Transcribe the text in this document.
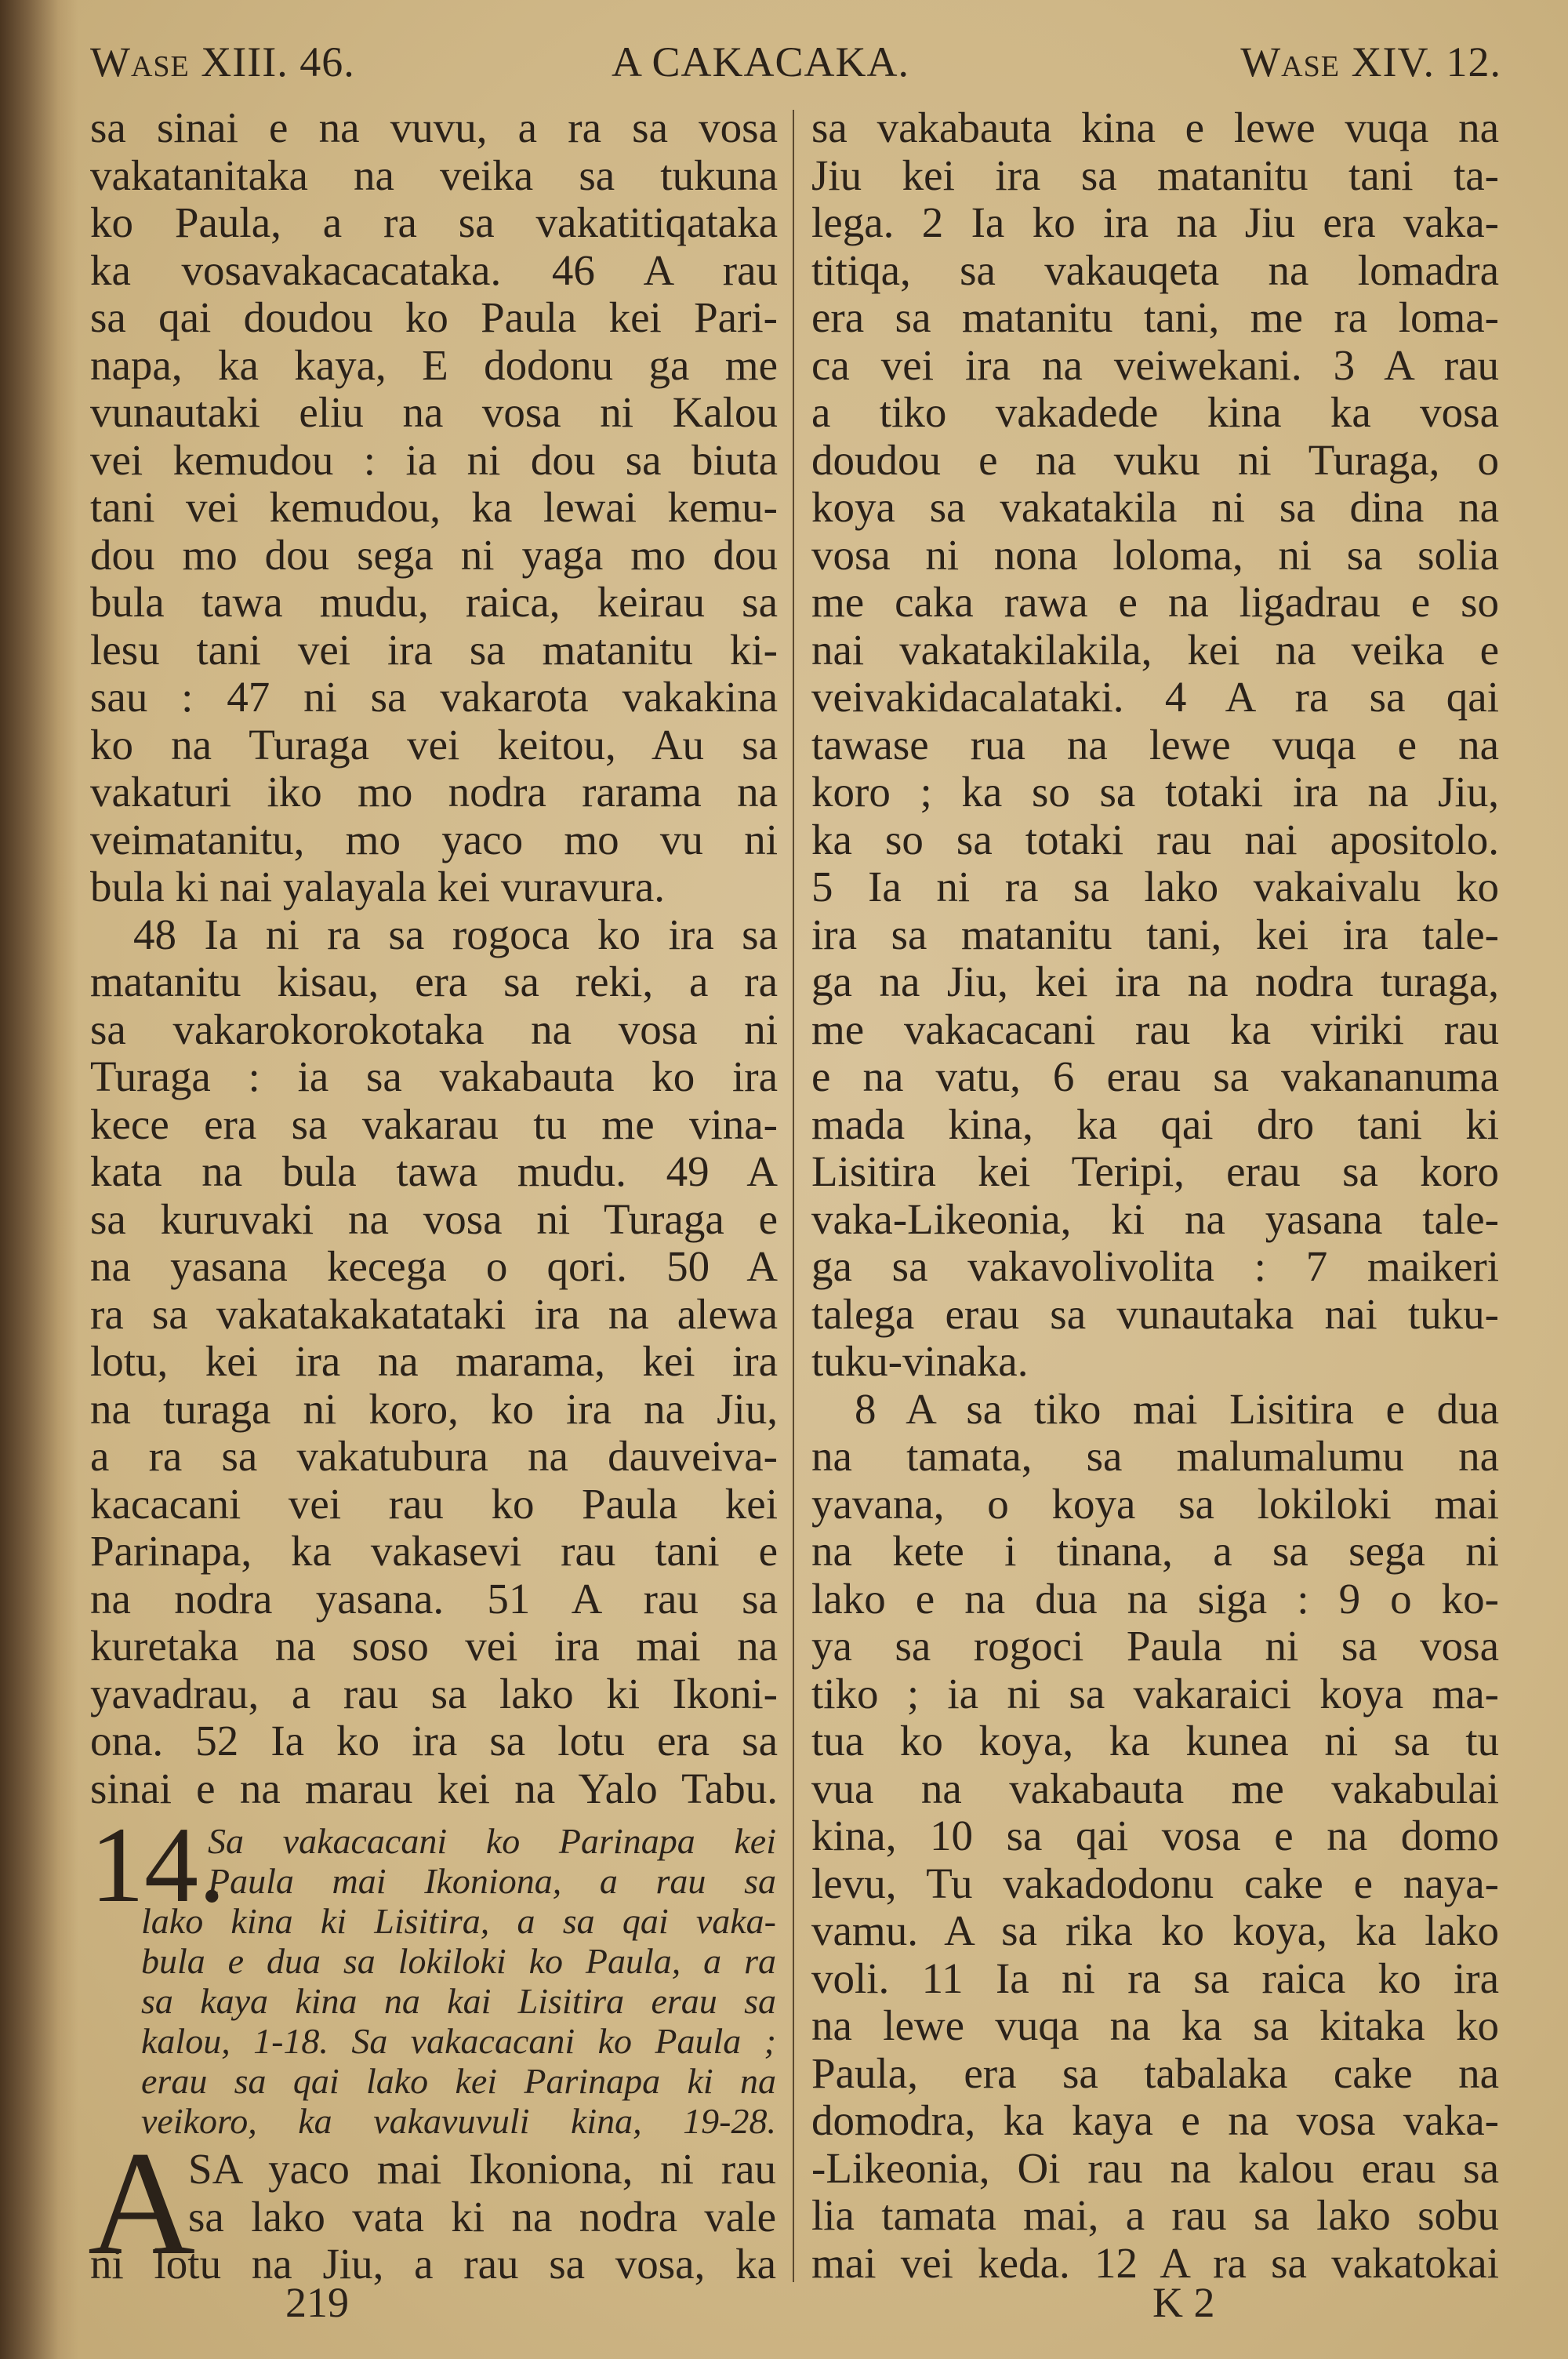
Wase XIII. 46.	A CAKACAKA.	Wase XIV. 12.
sa sinai e na vuvu, a ra sa vosa
vakatanitaka na veika sa tukuna
ko Paula, a ra sa vakatitiqataka
ka vosavakacacataka. 46 A rau
sa qai doudou ko Paula kei Pari-
napa, ka kaya, E dodonu ga me
vunautaki eliu na vosa ni Kalou
vei kemudou : ia ni dou sa biuta
tani vei kemudou, ka lewai kemu-
dou mo dou sega ni yaga mo dou
bula tawa mudu, raica, keirau sa
lesu tani vei ira sa matanitu ki-
sau : 47 ni sa vakarota vakakina
ko na Turaga vei keitou, Au sa
vakaturi iko mo nodra rarama na
veimatanitu, mo yaco mo vu ni
bula ki nai yalayala kei vuravura.
48 Ia ni ra sa rogoca ko ira sa
matanitu kisau, era sa reki, a ra
sa vakarokorokotaka na vosa ni
Turaga : ia sa vakabauta ko ira
kece era sa vakarau tu me vina-
kata na bula tawa mudu. 49 A
sa kuruvaki na vosa ni Turaga e
na yasana kecega o qori. 50 A
ra sa vakatakakatataki ira na alewa
lotu, kei ira na marama, kei ira
na turaga ni koro, ko ira na Jiu,
a ra sa vakatubura na dauveiva-
kacacani vei rau ko Paula kei
Parinapa, ka vakasevi rau tani e
na nodra yasana. 51 A rau sa
kuretaka na soso vei ira mai na
yavadrau, a rau sa lako ki Ikoni-
ona. 52 Ia ko ira sa lotu era sa
sinai e na marau kei na Yalo Tabu.
sa vakabauta kina e lewe vuqa na
Jiu kei ira sa matanitu tani ta-
lega. 2 Ia ko ira na Jiu era vaka-
titiqa, sa vakauqeta na lomadra
era sa matanitu tani, me ra loma-
ca vei ira na veiwekani. 3 A rau
a tiko vakadede kina ka vosa
doudou e na vuku ni Turaga, o
koya sa vakatakila ni sa dina na
vosa ni nona loloma, ni sa solia
me caka rawa e na ligadrau e so
nai vakatakilakila, kei na veika e
veivakidacalataki. 4 A ra sa qai
tawase rua na lewe vuqa e na
koro ; ka so sa totaki ira na Jiu,
ka so sa totaki rau nai apositolo.
5 Ia ni ra sa lako vakaivalu ko
ira sa matanitu tani, kei ira tale-
ga na Jiu, kei ira na nodra turaga,
me vakacacani rau ka viriki rau
e na vatu, 6 erau sa vakananuma
mada kina, ka qai dro tani ki
Lisitira kei Teripi, erau sa koro
vaka-Likeonia, ki na yasana tale-
ga sa vakavolivolita : 7 maikeri
talega erau sa vunautaka nai tuku-
tuku-vinaka.
8 A sa tiko mai Lisitira e dua
na tamata, sa malumalumu na
yavana, o koya sa lokiloki mai
na kete i tinana, a sa sega ni
lako e na dua na siga : 9 o ko-
ya sa rogoci Paula ni sa vosa
tiko ; ia ni sa vakaraici koya ma-
tua ko koya, ka kunea ni sa tu
vua na vakabauta me vakabulai
kina, 10 sa qai vosa e na domo
levu, Tu vakadodonu cake e naya-
vamu. A sa rika ko koya, ka lako
voli. 11 Ia ni ra sa raica ko ira
na lewe vuqa na ka sa kitaka ko
Paula, era sa tabalaka cake na
domodra, ka kaya e na vosa vaka-
-Likeonia, Oi rau na kalou erau sa
lia tamata mai, a rau sa lako sobu
mai vei keda. 12 A ra sa vakatokai
14.
Sa vakacacani ko Parinapa kei
Paula mai Ikoniona, a rau sa
lako kina ki Lisitira, a sa qai vaka-
bula e dua sa lokiloki ko Paula, a ra
sa kaya kina na kai Lisitira erau sa
kalou, 1-18. Sa vakacacani ko Paula ;
erau sa qai lako kei Parinapa ki na
veikoro, ka vakavuvuli kina, 19-28.
A
SA yaco mai Ikoniona, ni rau
sa lako vata ki na nodra vale
ni lotu na Jiu, a rau sa vosa, ka
219	K 2
